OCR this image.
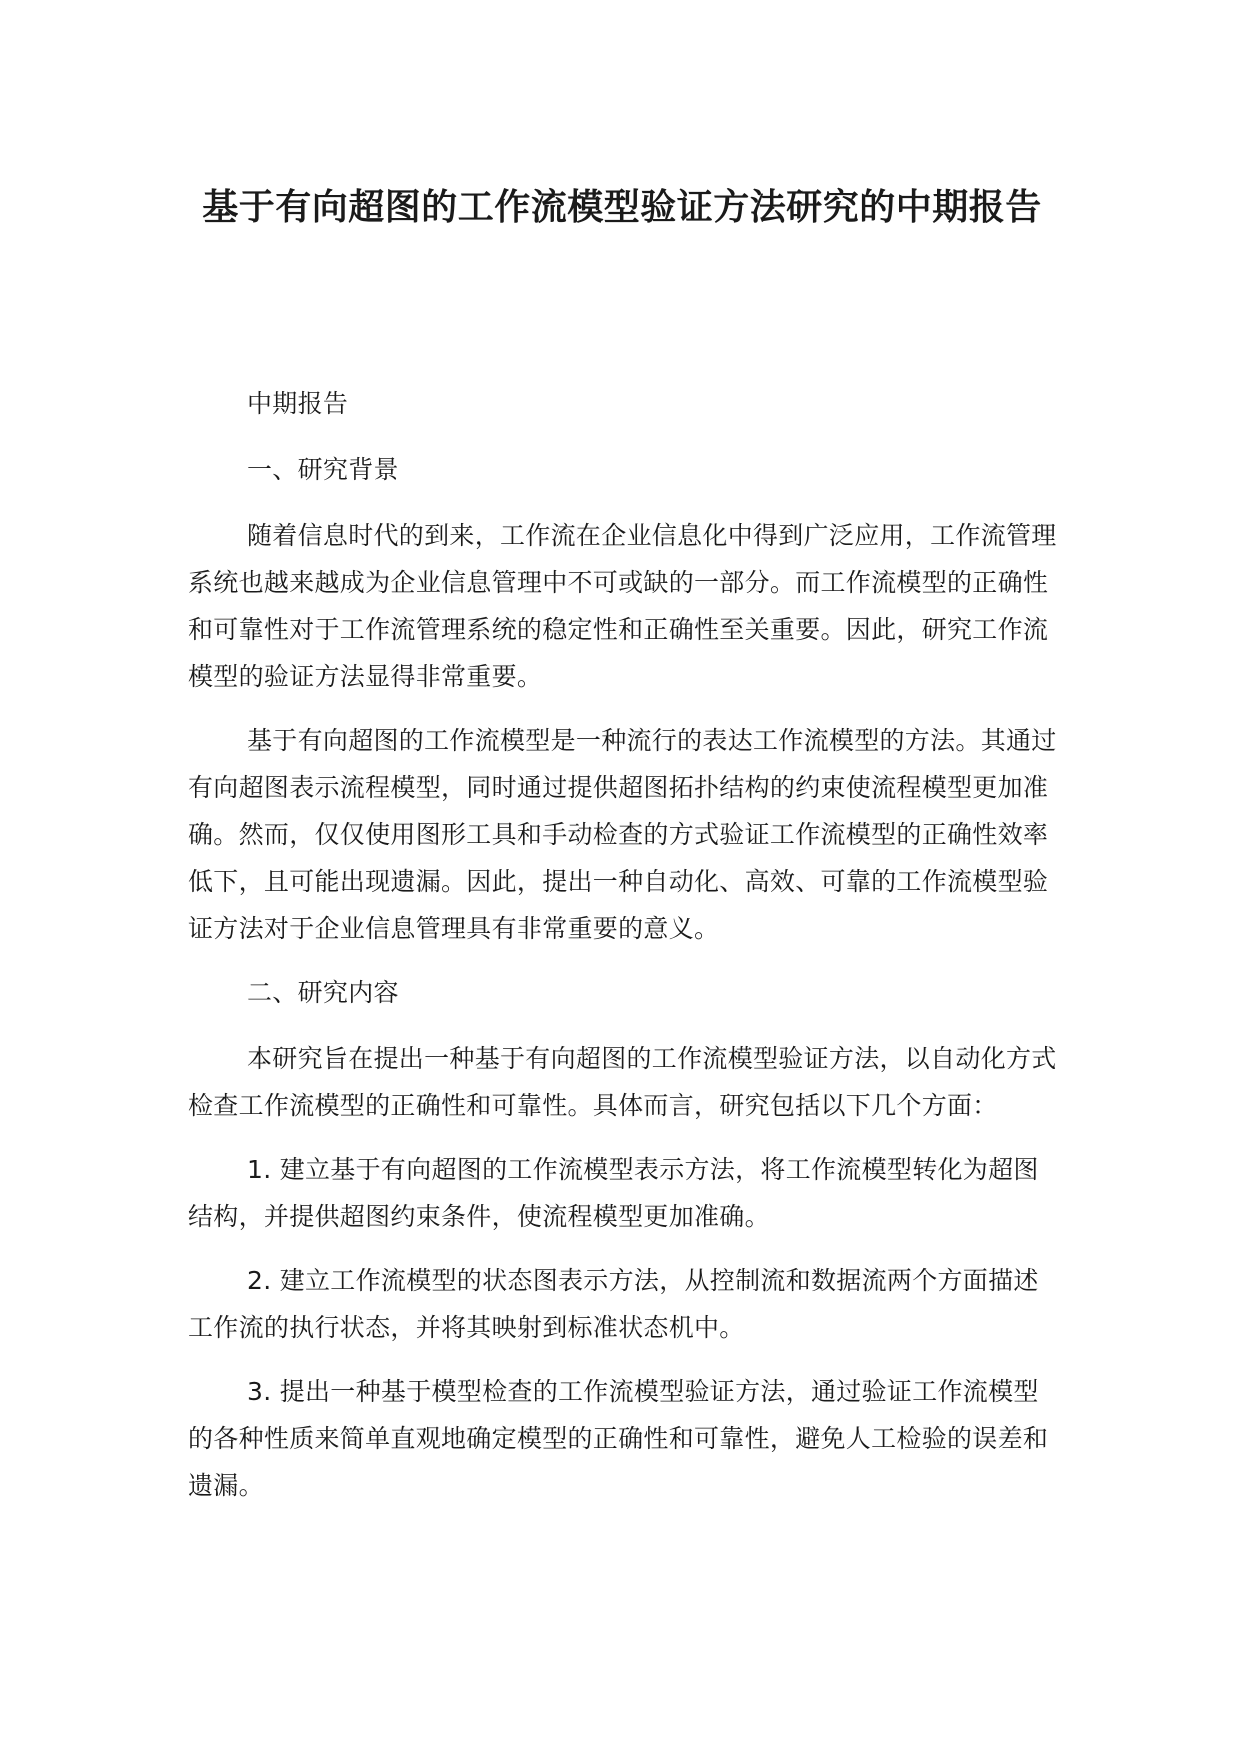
基于有向超图的工作流模型验证方法研究的中期报告

中期报告

一、研究背景

随着信息时代的到来，工作流在企业信息化中得到广泛应用，工作流管理系统也越来越成为企业信息管理中不可或缺的一部分。而工作流模型的正确性和可靠性对于工作流管理系统的稳定性和正确性至关重要。因此，研究工作流模型的验证方法显得非常重要。

基于有向超图的工作流模型是一种流行的表达工作流模型的方法。其通过有向超图表示流程模型，同时通过提供超图拓扑结构的约束使流程模型更加准确。然而，仅仅使用图形工具和手动检查的方式验证工作流模型的正确性效率低下，且可能出现遗漏。因此，提出一种自动化、高效、可靠的工作流模型验证方法对于企业信息管理具有非常重要的意义。

二、研究内容

本研究旨在提出一种基于有向超图的工作流模型验证方法，以自动化方式检查工作流模型的正确性和可靠性。具体而言，研究包括以下几个方面：

1. 建立基于有向超图的工作流模型表示方法，将工作流模型转化为超图结构，并提供超图约束条件，使流程模型更加准确。

2. 建立工作流模型的状态图表示方法，从控制流和数据流两个方面描述工作流的执行状态，并将其映射到标准状态机中。

3. 提出一种基于模型检查的工作流模型验证方法，通过验证工作流模型的各种性质来简单直观地确定模型的正确性和可靠性，避免人工检验的误差和遗漏。
